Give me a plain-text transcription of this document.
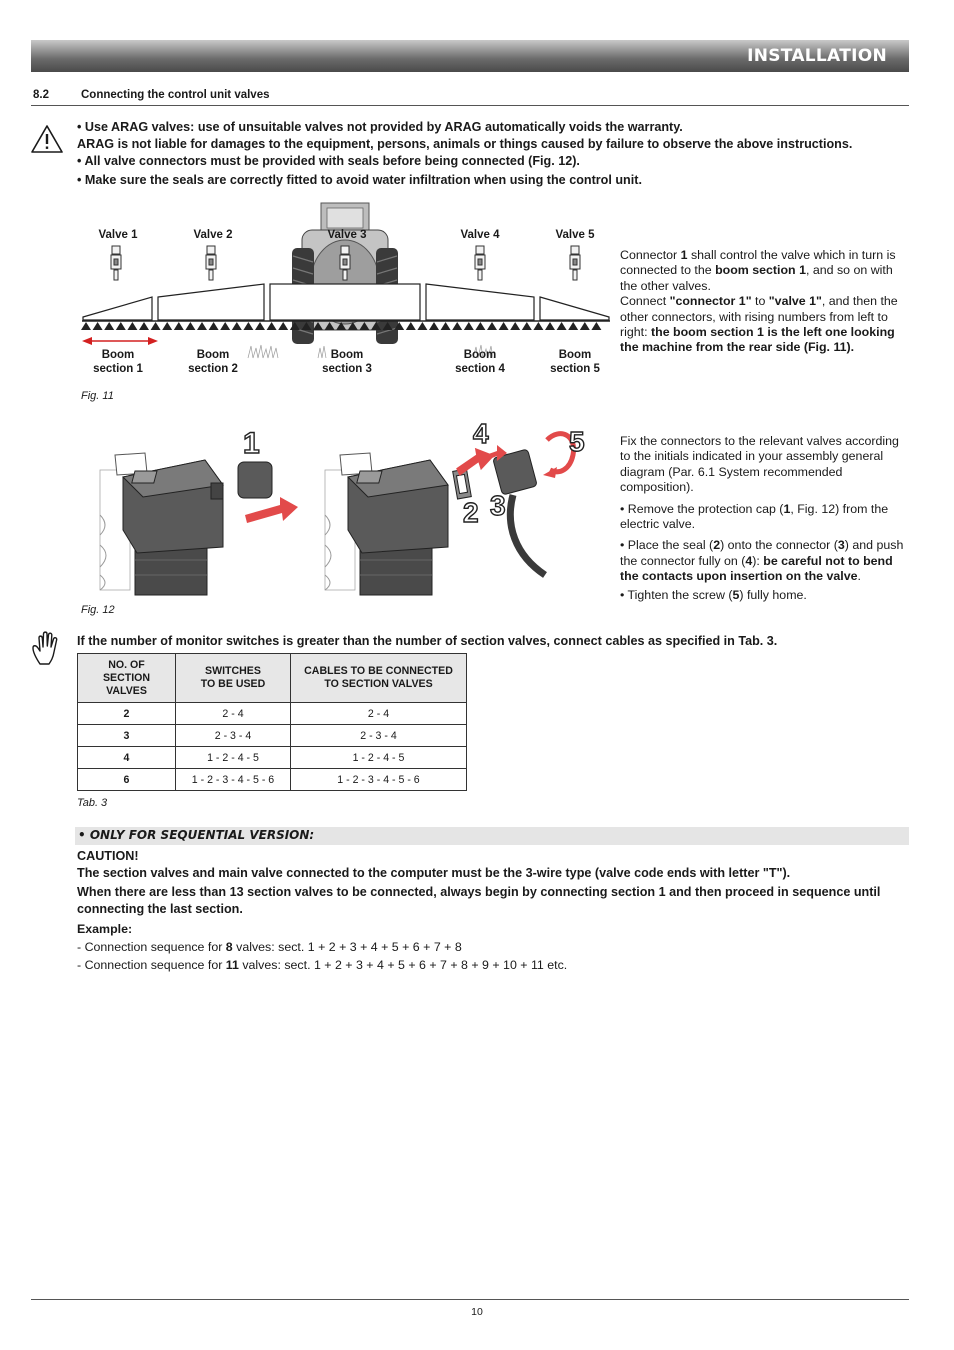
INSTALLATION
8.2	Connecting the control unit valves
• Use ARAG valves: use of unsuitable valves not provided by ARAG automatically voids the warranty.
ARAG is not liable for damages to the equipment, persons, animals or things caused by failure to observe the above instructions.
• All valve connectors must be provided with seals before being connected (Fig. 12).
• Make sure the seals are correctly fitted to avoid water infiltration when using the control unit.
Valve 1	Valve 2	Valve 3	Valve 4	Valve 5
Boom
section 1
Boom
section 2
Boom
section 3
Boom
section 4
Boom
section 5
Fig. 11
Connector 1 shall control the valve which in turn is connected to the boom section 1, and so on with the other valves.
Connect "connector 1" to "valve 1", and then the other connectors, with rising numbers from left to right: the boom section 1 is the left one looking the machine from the rear side (Fig. 11).
1	4	5
2 3
Fig. 12
Fix the connectors to the relevant valves according to the initials indicated in your assembly general diagram (Par. 6.1 System recommended composition).
• Remove the protection cap (1, Fig. 12) from the electric valve.
• Place the seal (2) onto the connector (3) and push the connector fully on (4): be careful not to bend the contacts upon insertion on the valve.
• Tighten the screw (5) fully home.
If the number of monitor switches is greater than the number of section valves, connect cables as specified in Tab. 3.
NO. OF
SECTION
VALVES	SWITCHES
TO BE USED	CABLES TO BE CONNECTED
TO SECTION VALVES
2	2 - 4	2 - 4
3	2 - 3 - 4	2 - 3 - 4
4	1 - 2 - 4 - 5	1 - 2 - 4 - 5
6	1 - 2 - 3 - 4 - 5 - 6	1 - 2 - 3 - 4 - 5 - 6
Tab. 3
• ONLY FOR SEQUENTIAL VERSION:
CAUTION!
The section valves and main valve connected to the computer must be the 3-wire type (valve code ends with letter "T").
When there are less than 13 section valves to be connected, always begin by connecting section 1 and then proceed in sequence until connecting the last section.
Example:
- Connection sequence for 8 valves: sect. 1 + 2 + 3 + 4 + 5 + 6 + 7 + 8
- Connection sequence for 11 valves: sect. 1 + 2 + 3 + 4 + 5 + 6 + 7 + 8 + 9 + 10 + 11 etc.
10
